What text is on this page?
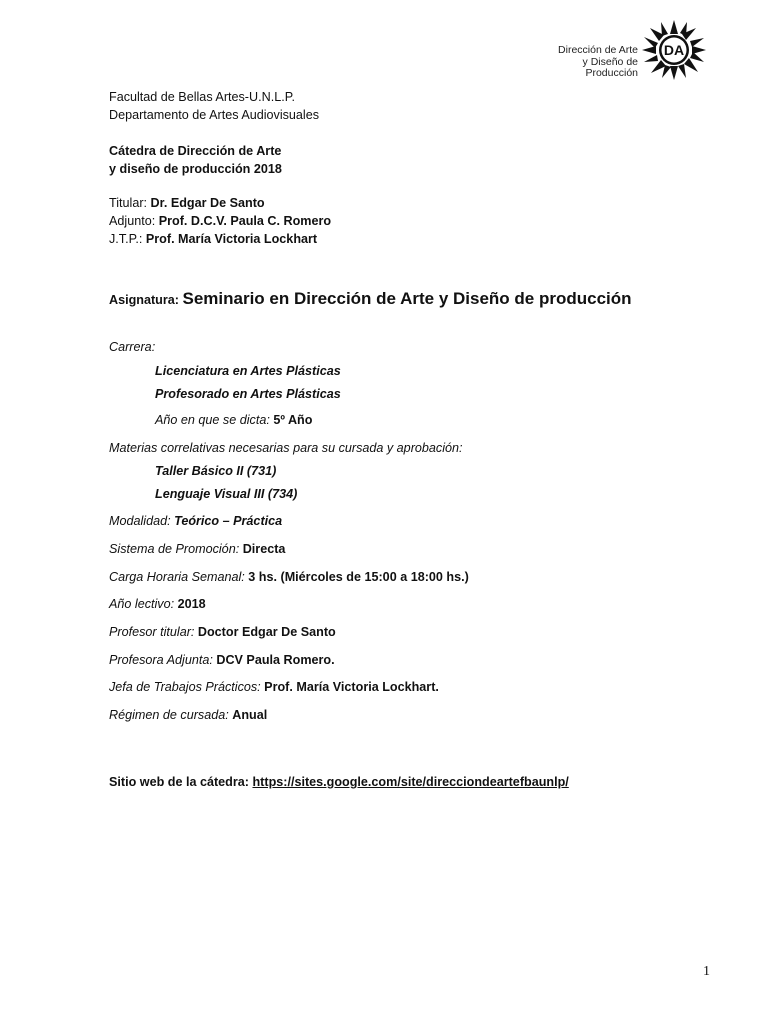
Dirección de Arte
y Diseño de Producción
DA
Facultad de Bellas Artes-U.N.L.P.
Departamento de Artes Audiovisuales
Cátedra de Dirección de Arte
y diseño de producción 2018
Titular: Dr. Edgar De Santo
Adjunto: Prof. D.C.V. Paula C. Romero
J.T.P.: Prof. María Victoria Lockhart
Asignatura: Seminario en Dirección de Arte y Diseño de producción
Carrera:
Licenciatura en Artes Plásticas
Profesorado en Artes Plásticas
Año en que se dicta: 5º Año
Materias correlativas necesarias para su cursada y aprobación:
Taller Básico II (731)
Lenguaje Visual III (734)
Modalidad: Teórico – Práctica
Sistema de Promoción: Directa
Carga Horaria Semanal: 3 hs. (Miércoles de 15:00 a 18:00 hs.)
Año lectivo: 2018
Profesor titular: Doctor Edgar De Santo
Profesora Adjunta: DCV Paula Romero.
Jefa de Trabajos Prácticos: Prof. María Victoria Lockhart.
Régimen de cursada: Anual
Sitio web de la cátedra: https://sites.google.com/site/direcciondeartefbaunlp/
1
